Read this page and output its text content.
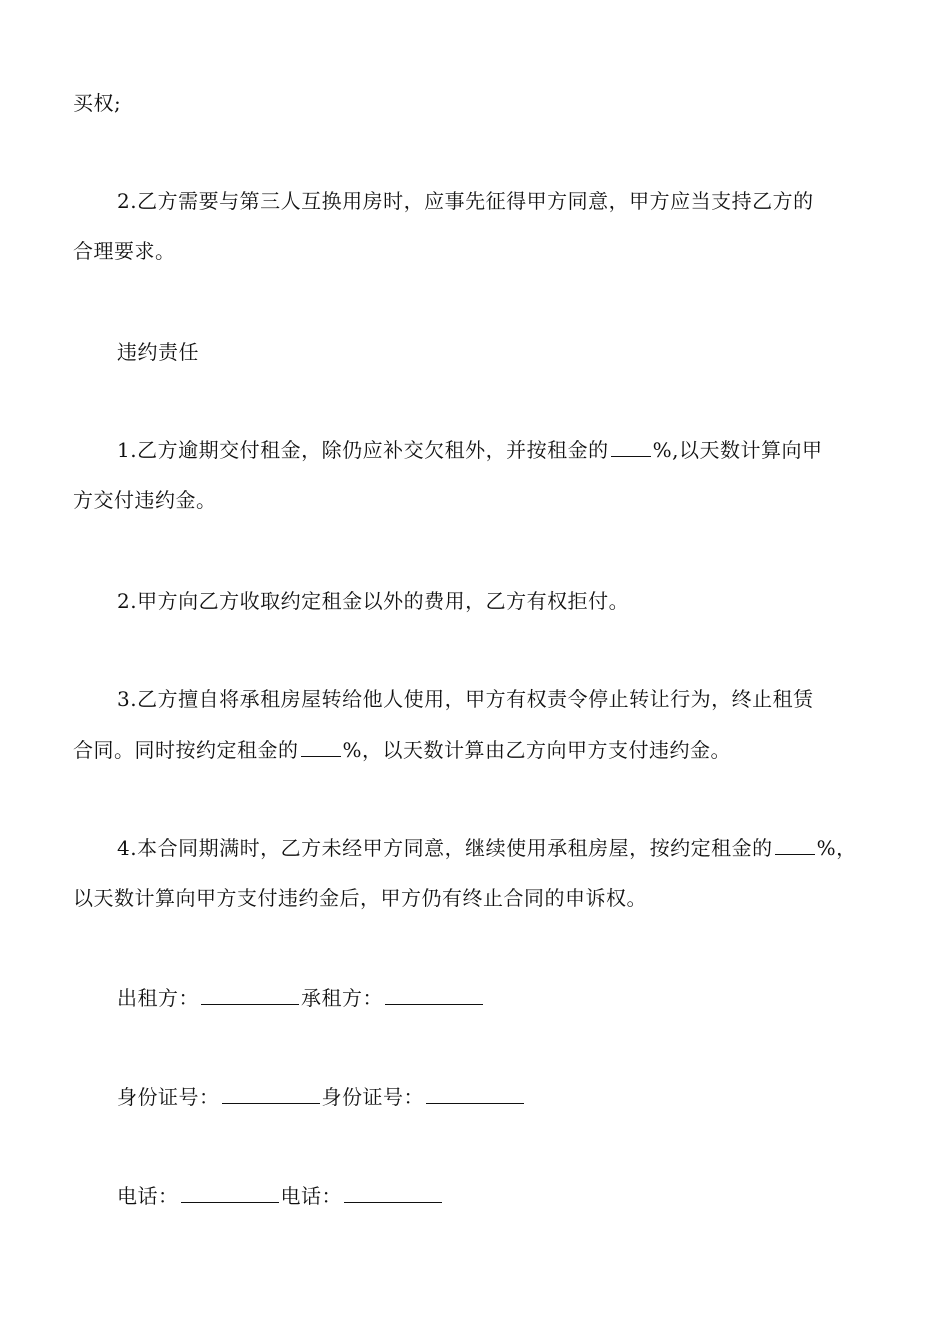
买权;
2.乙方需要与第三人互换用房时，应事先征得甲方同意，甲方应当支持乙方的
合理要求。
违约责任
1.乙方逾期交付租金，除仍应补交欠租外，并按租金的 %,以天数计算向甲
方交付违约金。
2.甲方向乙方收取约定租金以外的费用，乙方有权拒付。
3.乙方擅自将承租房屋转给他人使用，甲方有权责令停止转让行为，终止租赁
合同。同时按约定租金的 %，以天数计算由乙方向甲方支付违约金。
4.本合同期满时，乙方未经甲方同意，继续使用承租房屋，按约定租金的 %，
以天数计算向甲方支付违约金后，甲方仍有终止合同的申诉权。
出租方：	承租方：
身份证号：	身份证号：
电话：	电话：
